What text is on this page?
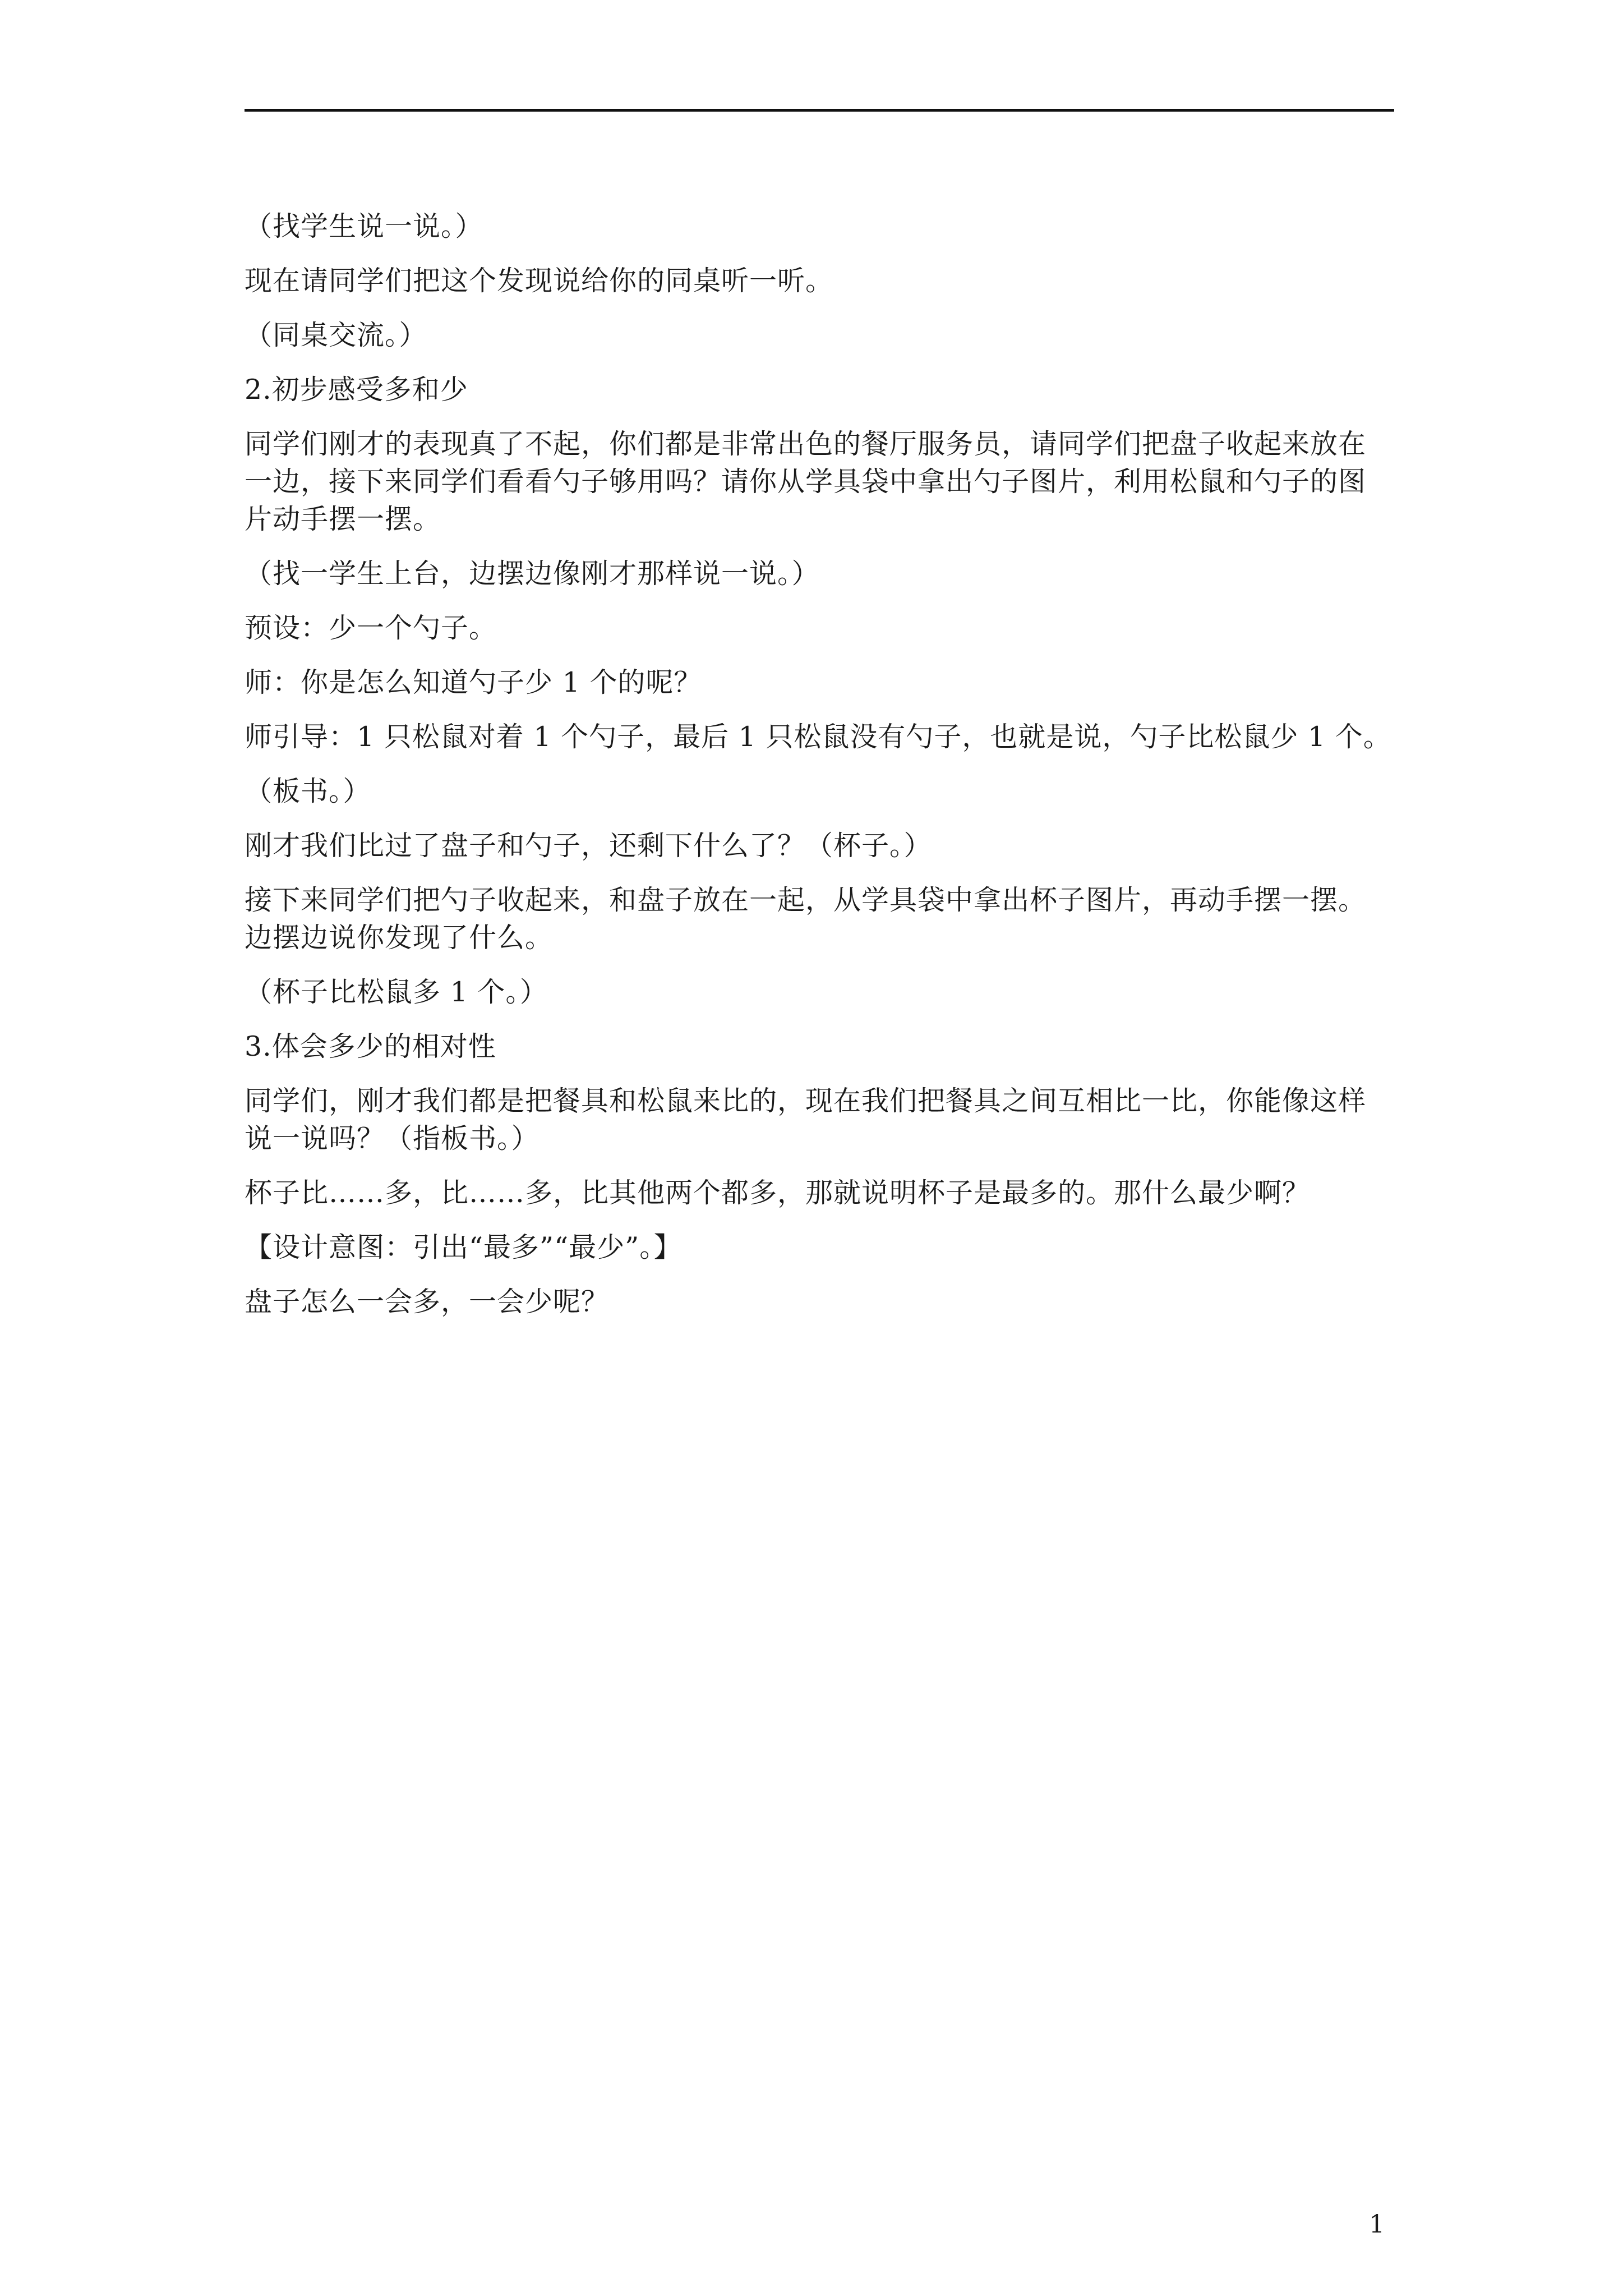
（找学生说一说。）
现在请同学们把这个发现说给你的同桌听一听。
（同桌交流。）
2.初步感受多和少
同学们刚才的表现真了不起，你们都是非常出色的餐厅服务员，请同学们把盘子收起来放在
一边，接下来同学们看看勺子够用吗？请你从学具袋中拿出勺子图片，利用松鼠和勺子的图
片动手摆一摆。
（找一学生上台，边摆边像刚才那样说一说。）
预设：少一个勺子。
师：你是怎么知道勺子少 1 个的呢？
师引导：1 只松鼠对着 1 个勺子，最后 1 只松鼠没有勺子，也就是说，勺子比松鼠少 1 个。
（板书。）
刚才我们比过了盘子和勺子，还剩下什么了？（杯子。）
接下来同学们把勺子收起来，和盘子放在一起，从学具袋中拿出杯子图片，再动手摆一摆。
边摆边说你发现了什么。
（杯子比松鼠多 1 个。）
3.体会多少的相对性
同学们，刚才我们都是把餐具和松鼠来比的，现在我们把餐具之间互相比一比，你能像这样
说一说吗？（指板书。）
杯子比……多，比……多，比其他两个都多，那就说明杯子是最多的。那什么最少啊？
【设计意图：引出“最多”“最少”。】
盘子怎么一会多，一会少呢？
1
